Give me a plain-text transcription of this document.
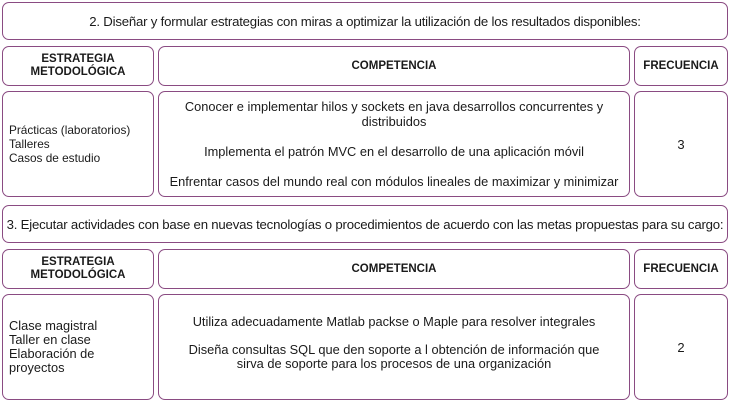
2. Diseñar y formular estrategias con miras a optimizar la utilización de los resultados disponibles:
ESTRATEGIA
METODOLÓGICA
COMPETENCIA	FRECUENCIA
Prácticas (laboratorios)
Talleres
Casos de estudio
Conocer e implementar hilos y sockets en java desarrollos concurrentes y distribuidos
Implementa el patrón MVC en el desarrollo de una aplicación móvil
Enfrentar casos del mundo real con módulos lineales de maximizar y minimizar
3
3. Ejecutar actividades con base en nuevas tecnologías o procedimientos de acuerdo con las metas propuestas para su cargo:
ESTRATEGIA
METODOLÓGICA
COMPETENCIA	FRECUENCIA
Clase magistral
Taller en clase
Elaboración de proyectos
Utiliza adecuadamente Matlab packse o Maple para resolver integrales
Diseña consultas SQL que den soporte a l obtención de información que
sirva de soporte para los procesos de una organización
2
